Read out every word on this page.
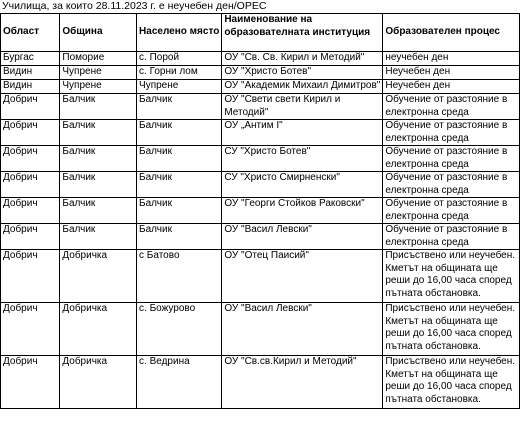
Училища, за които 28.11.2023 г. е неучебен ден/ОРЕС
Област	Община	Населено място	Наименование на образователната институция	Образователен процес
Бургас	Поморие	с. Порой	ОУ "Св. Св. Кирил и Методий"	неучебен ден
Видин	Чупрене	с. Горни лом	ОУ "Христо Ботев"	Неучебен ден
Видин	Чупрене	Чупрене	ОУ "Академик Михаил Димитров"	Неучебен ден
Добрич	Балчик	Балчик	ОУ "Свети свети Кирил и Методий"	Обучение от разстояние в електронна среда
Добрич	Балчик	Балчик	ОУ „Антим I"	Обучение от разстояние в електронна среда
Добрич	Балчик	Балчик	СУ "Христо Ботев"	Обучение от разстояние в електронна среда
Добрич	Балчик	Балчик	СУ "Христо Смирненски"	Обучение от разстояние в електронна среда
Добрич	Балчик	Балчик	ОУ "Георги Стойков Раковски"	Обучение от разстояние в електронна среда
Добрич	Балчик	Балчик	ОУ "Васил Левски"	Обучение от разстояние в електронна среда
Добрич	Добричка	с Батово	ОУ "Отец Паисий"	Присъствено или неучебен. Кметът на общината ще реши до 16,00 часа според пътната обстановка.
Добрич	Добричка	с. Божурово	ОУ "Васил Левски"	Присъствено или неучебен. Кметът на общината ще реши до 16,00 часа според пътната обстановка.
Добрич	Добричка	с. Ведрина	ОУ "Св.св.Кирил и Методий"	Присъствено или неучебен. Кметът на общината ще реши до 16,00 часа според пътната обстановка.
